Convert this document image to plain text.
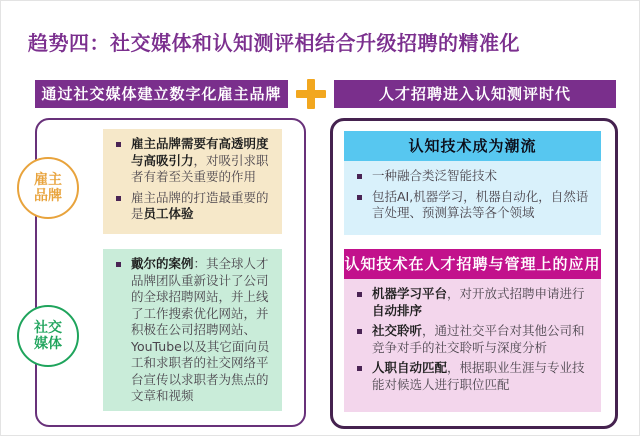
趋势四：社交媒体和认知测评相结合升级招聘的精准化
通过社交媒体建立数字化雇主品牌	人才招聘进入认知测评时代
雇主
品牌
社交
媒体
雇主品牌需要有高透明度与高吸引力，对吸引求职者有着至关重要的作用
雇主品牌的打造最重要的是员工体验
戴尔的案例：其全球人才品牌团队重新设计了公司的全球招聘网站，并上线了工作搜索优化网站，并积极在公司招聘网站、YouTube以及其它面向员工和求职者的社交网络平台宣传以求职者为焦点的文章和视频
认知技术成为潮流
一种融合类泛智能技术
包括AI,机器学习，机器自动化，自然语言处理、预测算法等各个领域
认知技术在人才招聘与管理上的应用
机器学习平台，对开放式招聘申请进行自动排序
社交聆听，通过社交平台对其他公司和竞争对手的社交聆听与深度分析
人职自动匹配，根据职业生涯与专业技能对候选人进行职位匹配
